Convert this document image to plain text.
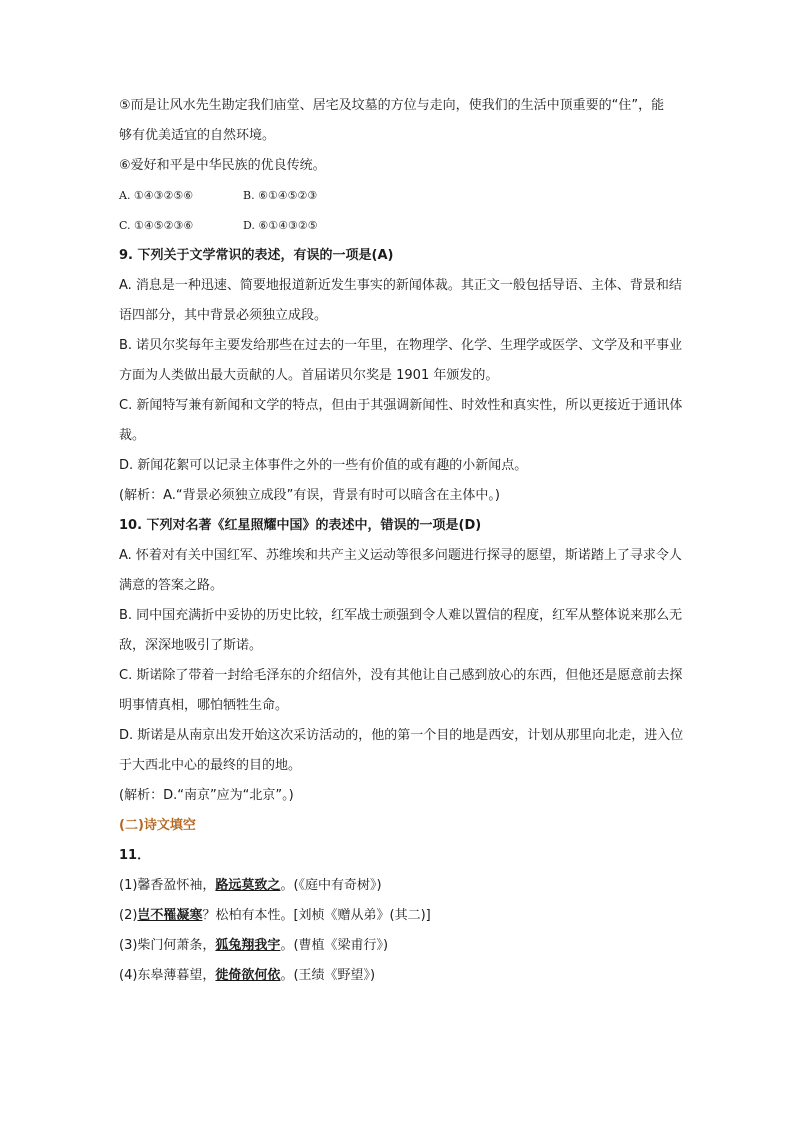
⑤而是让风水先生勘定我们庙堂、居宅及坟墓的方位与走向，使我们的生活中顶重要的“住”，能
够有优美适宜的自然环境。
⑥爱好和平是中华民族的优良传统。
A. ①④③②⑤⑥	B. ⑥①④⑤②③
C. ①④⑤②③⑥	D. ⑥①④③②⑤
9. 下列关于文学常识的表述，有误的一项是(A)
A. 消息是一种迅速、简要地报道新近发生事实的新闻体裁。其正文一般包括导语、主体、背景和结
语四部分，其中背景必须独立成段。
B. 诺贝尔奖每年主要发给那些在过去的一年里，在物理学、化学、生理学或医学、文学及和平事业
方面为人类做出最大贡献的人。首届诺贝尔奖是 1901 年颁发的。
C. 新闻特写兼有新闻和文学的特点，但由于其强调新闻性、时效性和真实性，所以更接近于通讯体
裁。
D. 新闻花絮可以记录主体事件之外的一些有价值的或有趣的小新闻点。
(解析：A.“背景必须独立成段”有误，背景有时可以暗含在主体中。)
10. 下列对名著《红星照耀中国》的表述中，错误的一项是(D)
A. 怀着对有关中国红军、苏维埃和共产主义运动等很多问题进行探寻的愿望，斯诺踏上了寻求令人
满意的答案之路。
B. 同中国充满折中妥协的历史比较，红军战士顽强到令人难以置信的程度，红军从整体说来那么无
敌，深深地吸引了斯诺。
C. 斯诺除了带着一封给毛泽东的介绍信外，没有其他让自己感到放心的东西，但他还是愿意前去探
明事情真相，哪怕牺牲生命。
D. 斯诺是从南京出发开始这次采访活动的，他的第一个目的地是西安，计划从那里向北走，进入位
于大西北中心的最终的目的地。
(解析：D.“南京”应为“北京”。)
(二)诗文填空
11．
(1)馨香盈怀袖，路远莫致之。(《庭中有奇树》)
(2)岂不罹凝寒？松柏有本性。[刘桢《赠从弟》(其二)]
(3)柴门何萧条，狐兔翔我宇。(曹植《梁甫行》)
(4)东皋薄暮望，徙倚欲何依。(王绩《野望》)
